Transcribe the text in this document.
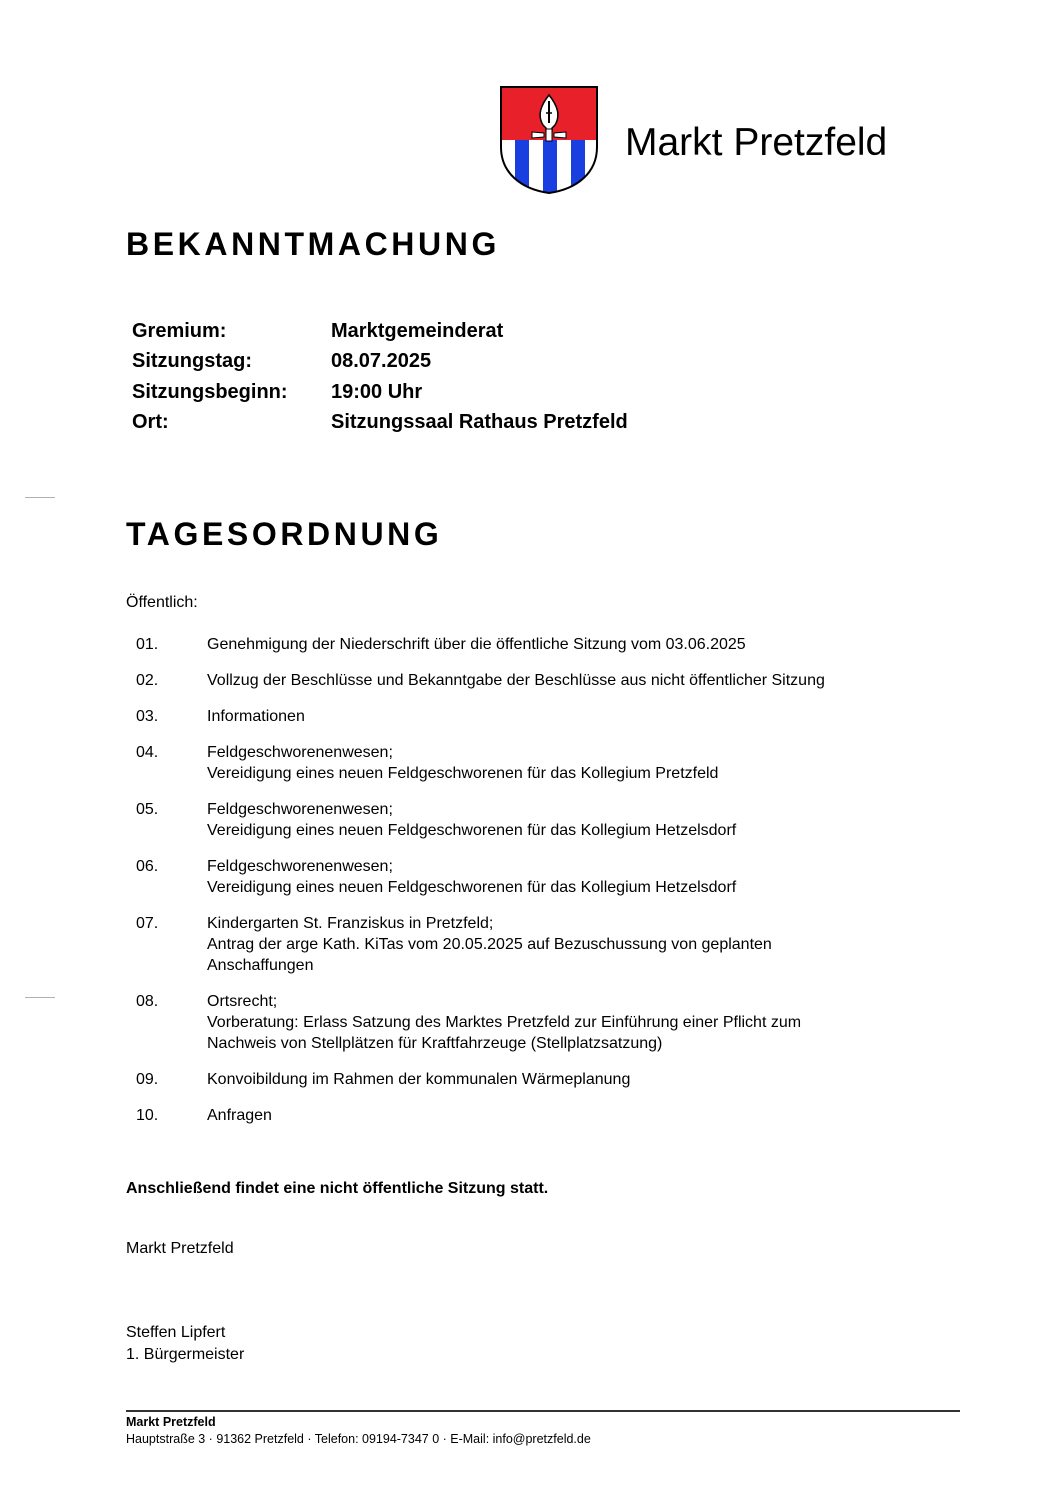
Markt Pretzfeld
BEKANNTMACHUNG
Gremium:	Marktgemeinderat
Sitzungstag:	08.07.2025
Sitzungsbeginn:	19:00 Uhr
Ort:	Sitzungssaal Rathaus Pretzfeld
TAGESORDNUNG
Öffentlich:
01.	Genehmigung der Niederschrift über die öffentliche Sitzung vom 03.06.2025
02.	Vollzug der Beschlüsse und Bekanntgabe der Beschlüsse aus nicht öffentlicher Sitzung
03.	Informationen
04.	Feldgeschworenenwesen;
Vereidigung eines neuen Feldgeschworenen für das Kollegium Pretzfeld
05.	Feldgeschworenenwesen;
Vereidigung eines neuen Feldgeschworenen für das Kollegium Hetzelsdorf
06.	Feldgeschworenenwesen;
Vereidigung eines neuen Feldgeschworenen für das Kollegium Hetzelsdorf
07.	Kindergarten St. Franziskus in Pretzfeld;
Antrag der arge Kath. KiTas vom 20.05.2025 auf Bezuschussung von geplanten
Anschaffungen
08.	Ortsrecht;
Vorberatung: Erlass Satzung des Marktes Pretzfeld zur Einführung einer Pflicht zum
Nachweis von Stellplätzen für Kraftfahrzeuge (Stellplatzsatzung)
09.	Konvoibildung im Rahmen der kommunalen Wärmeplanung
10.	Anfragen
Anschließend findet eine nicht öffentliche Sitzung statt.
Markt Pretzfeld
Steffen Lipfert
1. Bürgermeister
Markt Pretzfeld
Hauptstraße 3 · 91362 Pretzfeld · Telefon: 09194-7347 0 · E-Mail: info@pretzfeld.de
